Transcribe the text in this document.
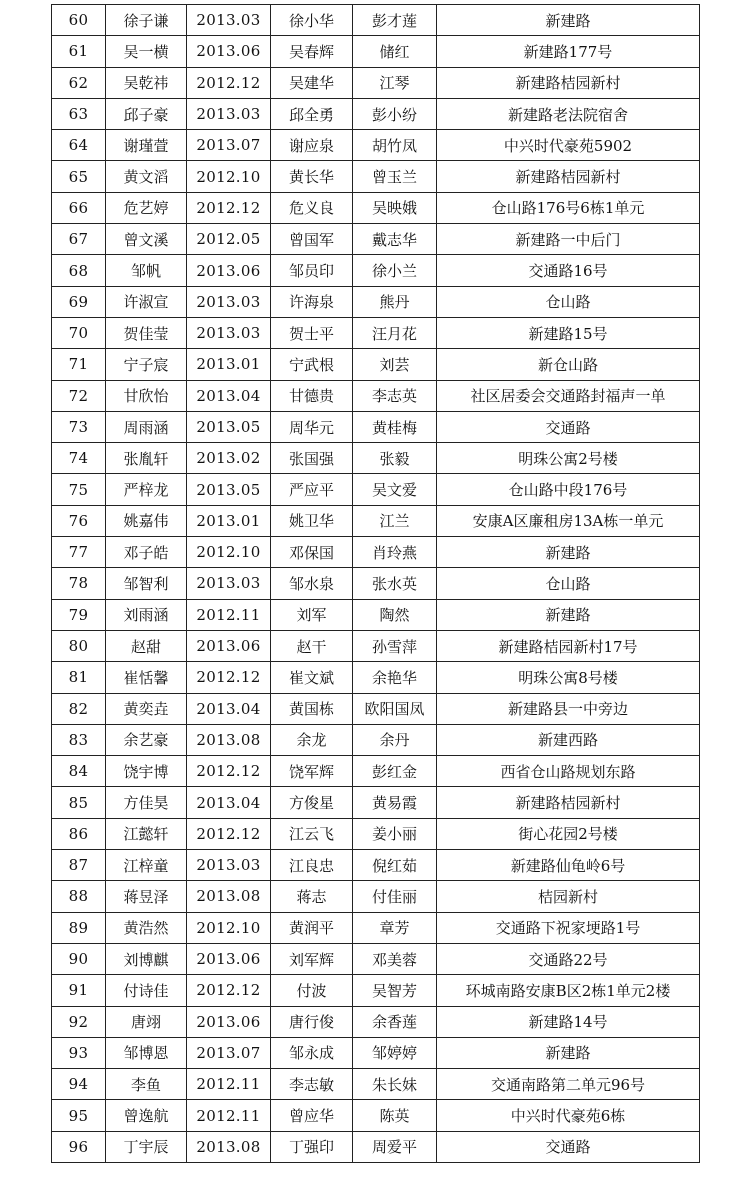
60	徐子谦	2013.03	徐小华	彭才莲	新建路
61	吴一横	2013.06	吴春辉	储红	新建路177号
62	吴乾祎	2012.12	吴建华	江琴	新建路桔园新村
63	邱子豪	2013.03	邱全勇	彭小纷	新建路老法院宿舍
64	谢瑾萱	2013.07	谢应泉	胡竹凤	中兴时代豪苑5902
65	黄文滔	2012.10	黄长华	曾玉兰	新建路桔园新村
66	危艺婷	2012.12	危义良	吴映娥	仓山路176号6栋1单元
67	曾文溪	2012.05	曾国军	戴志华	新建路一中后门
68	邹帆	2013.06	邹员印	徐小兰	交通路16号
69	许淑宣	2013.03	许海泉	熊丹	仓山路
70	贺佳莹	2013.03	贺士平	汪月花	新建路15号
71	宁子宸	2013.01	宁武根	刘芸	新仓山路
72	甘欣怡	2013.04	甘德贵	李志英	社区居委会交通路封福声一单
73	周雨涵	2013.05	周华元	黄桂梅	交通路
74	张胤轩	2013.02	张国强	张毅	明珠公寓2号楼
75	严梓龙	2013.05	严应平	吴文爱	仓山路中段176号
76	姚嘉伟	2013.01	姚卫华	江兰	安康A区廉租房13A栋一单元
77	邓子皓	2012.10	邓保国	肖玲燕	新建路
78	邹智利	2013.03	邹水泉	张水英	仓山路
79	刘雨涵	2012.11	刘军	陶然	新建路
80	赵甜	2013.06	赵干	孙雪萍	新建路桔园新村17号
81	崔恬馨	2012.12	崔文斌	余艳华	明珠公寓8号楼
82	黄奕垚	2013.04	黄国栋	欧阳国凤	新建路县一中旁边
83	余艺豪	2013.08	余龙	余丹	新建西路
84	饶宇博	2012.12	饶军辉	彭红金	西省仓山路规划东路
85	方佳昊	2013.04	方俊星	黄易霞	新建路桔园新村
86	江懿轩	2012.12	江云飞	姜小丽	街心花园2号楼
87	江梓童	2013.03	江良忠	倪红茹	新建路仙龟岭6号
88	蒋昱泽	2013.08	蒋志	付佳丽	桔园新村
89	黄浩然	2012.10	黄润平	章芳	交通路下祝家埂路1号
90	刘博麒	2013.06	刘军辉	邓美蓉	交通路22号
91	付诗佳	2012.12	付波	吴智芳	环城南路安康B区2栋1单元2楼
92	唐翊	2013.06	唐行俊	余香莲	新建路14号
93	邹博恩	2013.07	邹永成	邹婷婷	新建路
94	李鱼	2012.11	李志敏	朱长妹	交通南路第二单元96号
95	曾逸航	2012.11	曾应华	陈英	中兴时代豪苑6栋
96	丁宇辰	2013.08	丁强印	周爱平	交通路
